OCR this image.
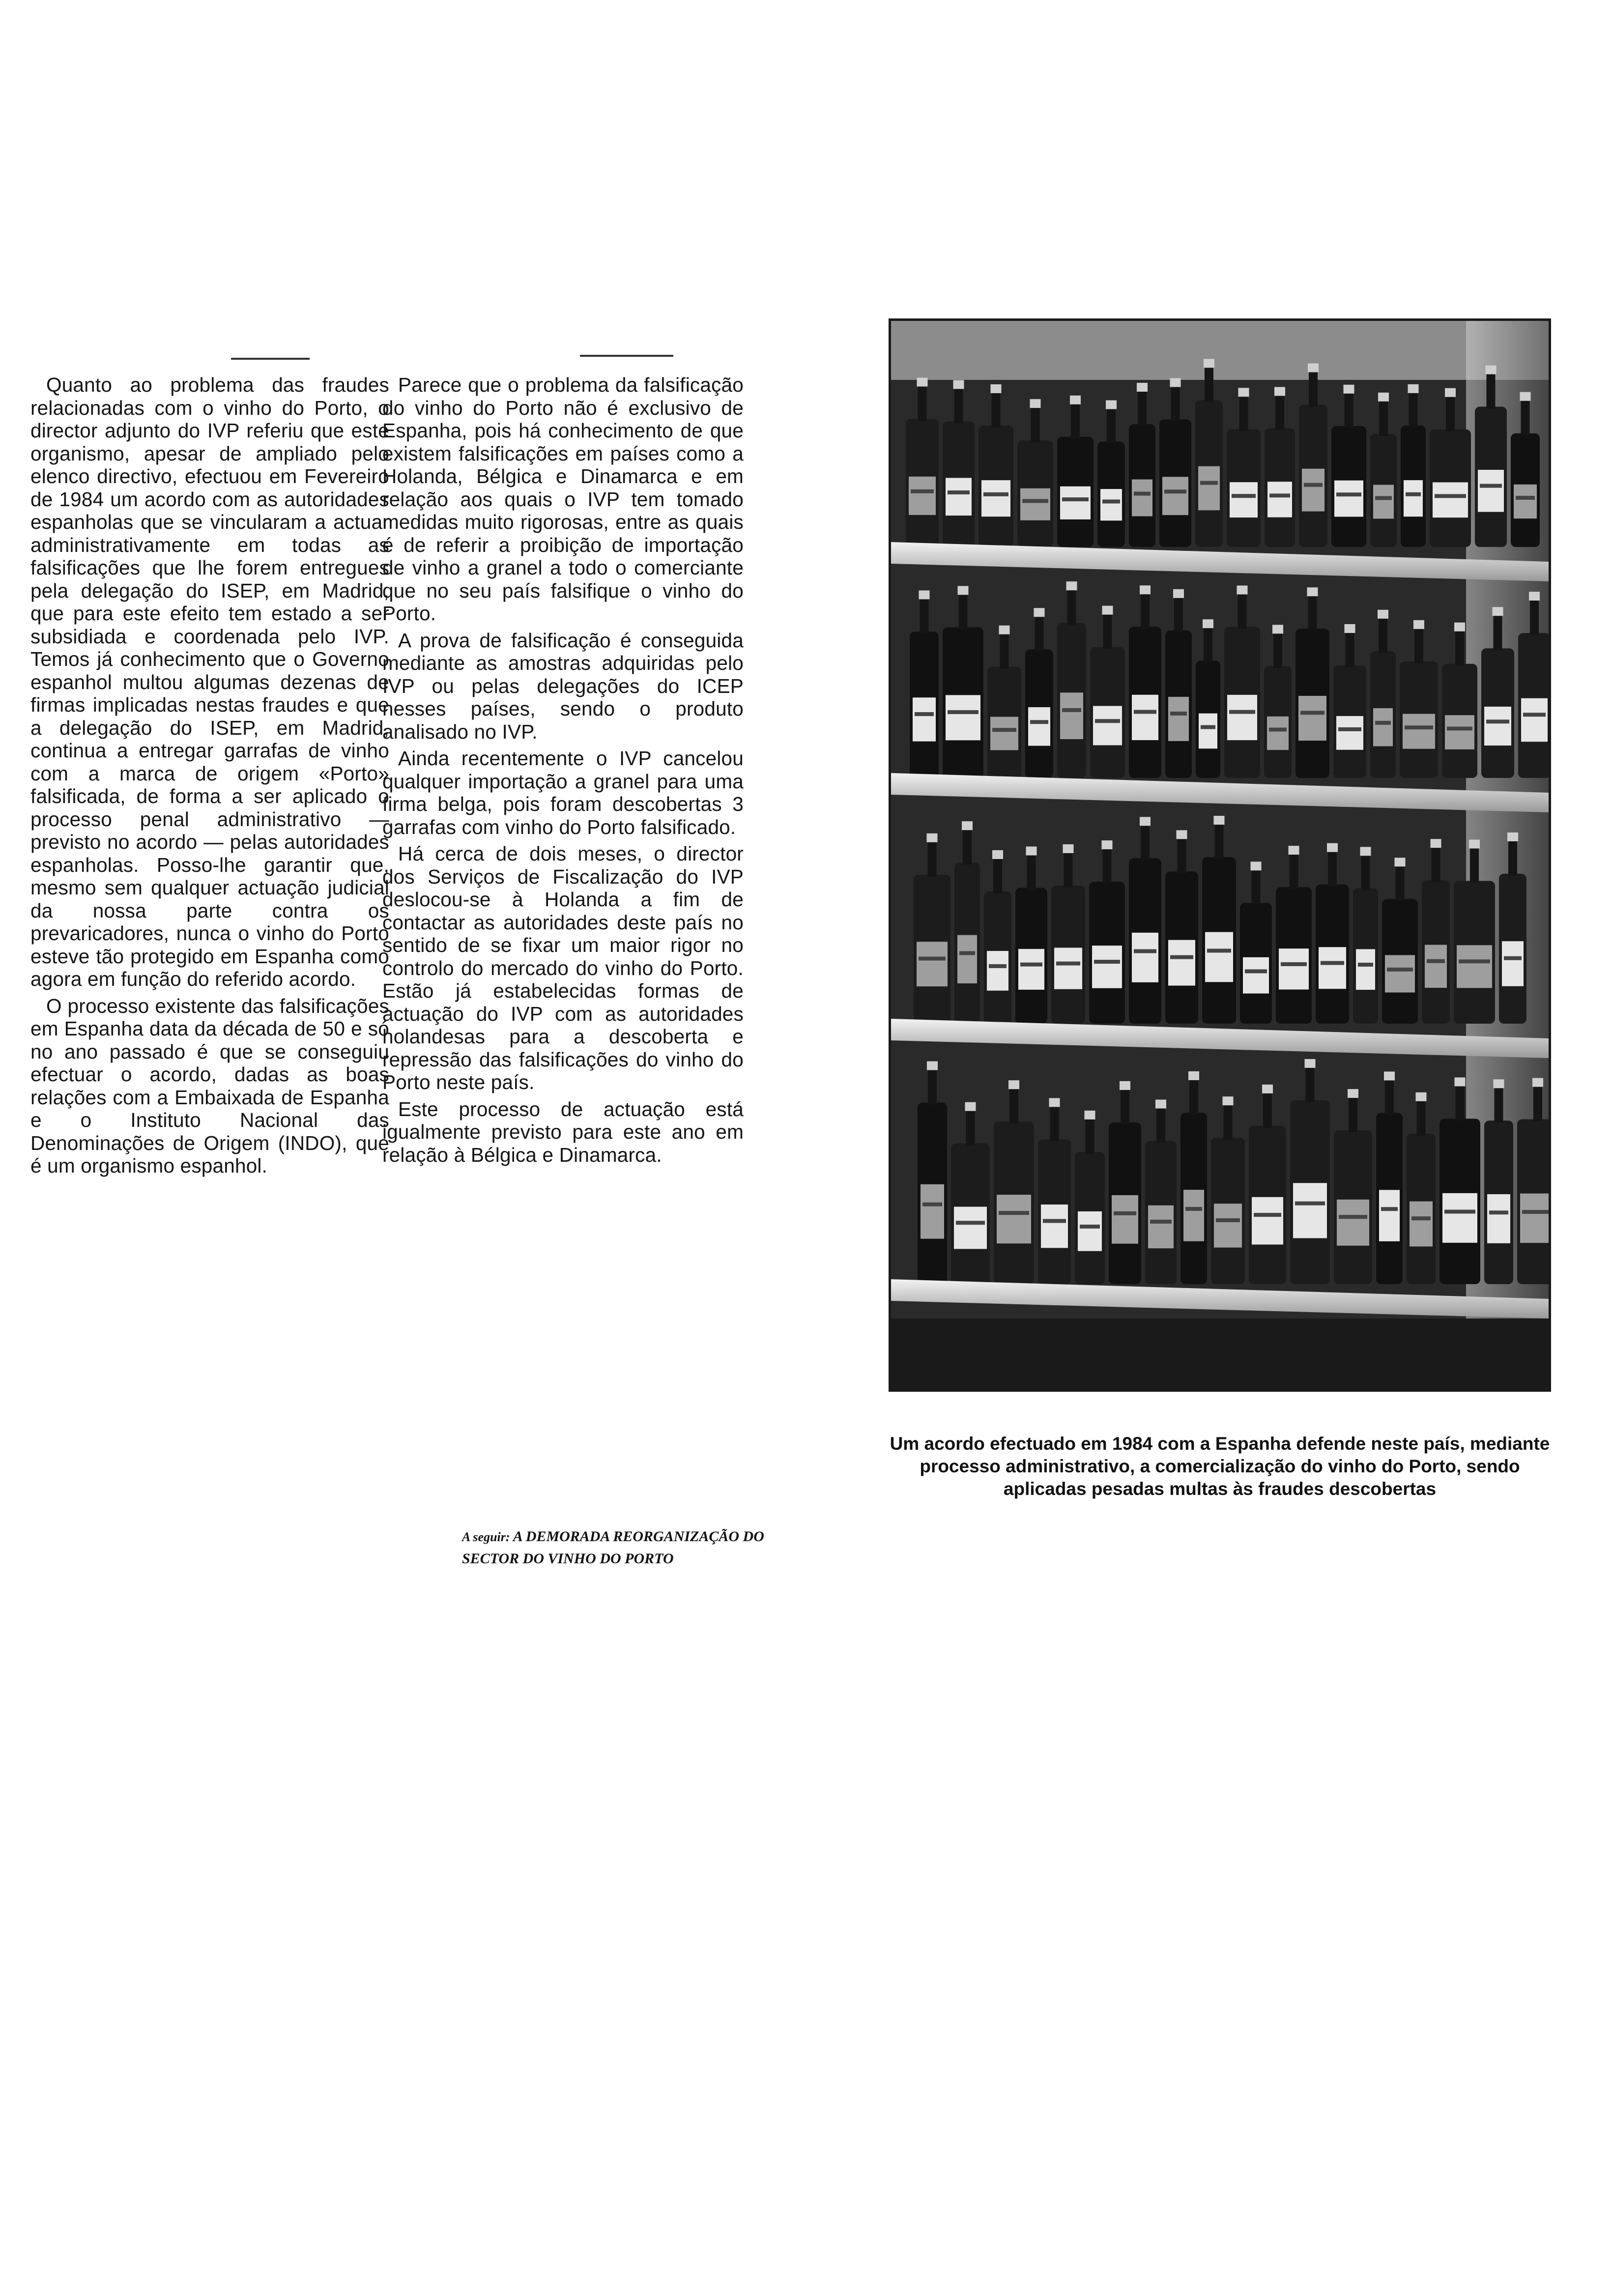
Quanto ao problema das fraudes relacionadas com o vinho do Porto, o director adjunto do IVP referiu que este organismo, apesar de ampliado pelo elenco directivo, efectuou em Fevereiro de 1984 um acordo com as autoridades espanholas que se vincularam a actuar administrativamente em todas as falsificações que lhe forem entregues pela delegação do ISEP, em Madrid, que para este efeito tem estado a ser subsidiada e coordenada pelo IVP. Temos já conhecimento que o Governo espanhol multou algumas dezenas de firmas implicadas nestas fraudes e que a delegação do ISEP, em Madrid, continua a entregar garrafas de vinho com a marca de origem «Porto» falsificada, de forma a ser aplicado o processo penal administrativo — previsto no acordo — pelas autoridades espanholas. Posso-lhe garantir que, mesmo sem qualquer actuação judicial da nossa parte contra os prevaricadores, nunca o vinho do Porto esteve tão protegido em Espanha como agora em função do referido acordo.

O processo existente das falsificações em Espanha data da década de 50 e só no ano passado é que se conseguiu efectuar o acordo, dadas as boas relações com a Embaixada de Espanha e o Instituto Nacional das Denominações de Origem (INDO), que é um organismo espanhol.

Parece que o problema da falsificação do vinho do Porto não é exclusivo de Espanha, pois há conhecimento de que existem falsificações em países como a Holanda, Bélgica e Dinamarca e em relação aos quais o IVP tem tomado medidas muito rigorosas, entre as quais é de referir a proibição de importação de vinho a granel a todo o comerciante que no seu país falsifique o vinho do Porto.

A prova de falsificação é conseguida mediante as amostras adquiridas pelo IVP ou pelas delegações do ICEP nesses países, sendo o produto analisado no IVP.

Ainda recentemente o IVP cancelou qualquer importação a granel para uma firma belga, pois foram descobertas 3 garrafas com vinho do Porto falsificado.

Há cerca de dois meses, o director dos Serviços de Fiscalização do IVP deslocou-se à Holanda a fim de contactar as autoridades deste país no sentido de se fixar um maior rigor no controlo do mercado do vinho do Porto. Estão já estabelecidas formas de actuação do IVP com as autoridades holandesas para a descoberta e repressão das falsificações do vinho do Porto neste país.

Este processo de actuação está igualmente previsto para este ano em relação à Bélgica e Dinamarca.

A seguir: A DEMORADA REORGANIZAÇÃO DO SECTOR DO VINHO DO PORTO
Um acordo efectuado em 1984 com a Espanha defende neste país, mediante processo administrativo, a comercialização do vinho do Porto, sendo aplicadas pesadas multas às fraudes descobertas
